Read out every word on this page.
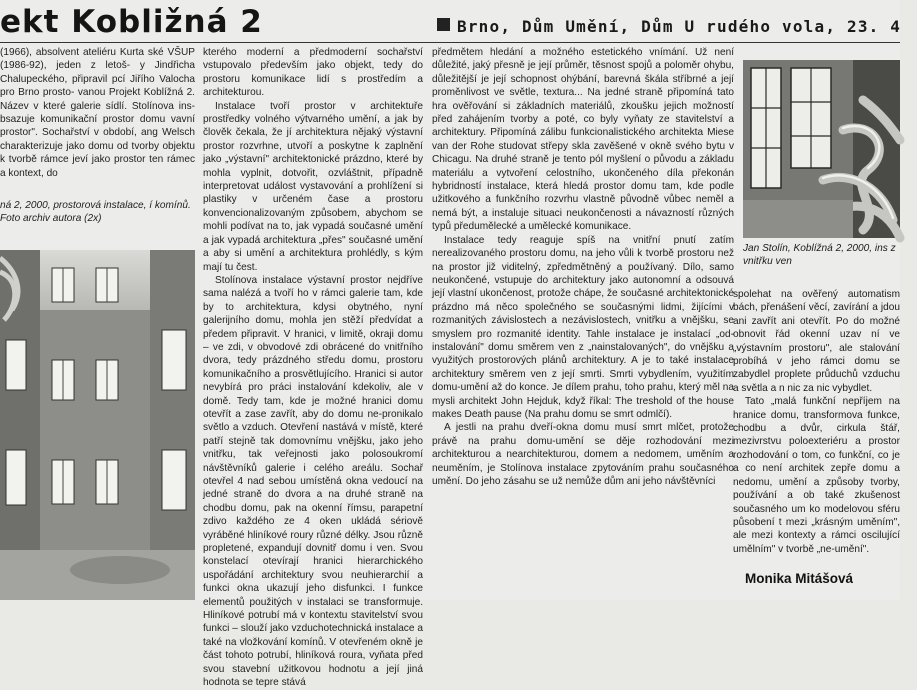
ekt Kobližná 2	Brno, Dům Umění, Dům U rudého vola, 23. 4

(1966), absolvent ateliéru Kurta ské VŠUP (1986-92), jeden z letoš- y Jindřicha Chalupeckého, připravil pcí Jiřího Valocha pro Brno prosto- vanou Projekt Koblížná 2. Název v které galerie sídlí. Stolínova ins- bsazuje komunikační prostor domu vavní prostor". Sochařství v období, ang Welsch charakterizuje jako domu od tvorby objektu k tvorbě rámce jeví jako prostor ten rámec a kontext, do

ná 2, 2000, prostorová instalace, í komínů. Foto archiv autora (2x)

kterého moderní a předmoderní sochařství vstupovalo především jako objekt, tedy do prostoru komunikace lidí s prostředím a architekturou.

Instalace tvoří prostor v architektuře prostředky volného výtvarného umění, a jak by člověk čekala, že jí architektura nějaký výstavní prostor rozvrhne, utvoří a poskytne k zaplnění jako „výstavní" architektonické prázdno, které by mohla vyplnit, dotvořit, ozvláštnit, případně interpretovat událost vystavování a prohlížení si plastiky v určeném čase a prostoru konvencionalizovaným způsobem, abychom se mohli podívat na to, jak vypadá současné umění a jak vypadá architektura „přes" současné umění a aby si umění a architektura prohlédly, s kým mají tu čest.

Stolínova instalace výstavní prostor nejdříve sama nalézá a tvoří ho v rámci galerie tam, kde by to architektura, kdysi obytného, nyní galerijního domu, mohla jen stěží předvídat a předem připravit. V hranici, v limitě, okraji domu – ve zdi, v obvodové zdi obrácené do vnitřního dvora, tedy prázdného středu domu, prostoru komunikačního a prosvětlujícího. Hranici si autor nevybírá pro práci instalování kdekoliv, ale v domě. Tedy tam, kde je možné hranici domu otevřít a zase zavřít, aby do domu ne-pronikalo světlo a vzduch. Otevření nastává v místě, které patří stejně tak domovnímu vnějšku, jako jeho vnitřku, tak veřejnosti jako polosoukromí návštěvníků galerie i celého areálu. Sochař otevřel 4 nad sebou umístěná okna vedoucí na jedné straně do dvora a na druhé straně na chodbu domu, pak na okenní římsu, parapetní zdivo každého ze 4 oken ukládá sériově vyráběné hliníkové roury různé délky. Jsou různě propletené, expandují dovnitř domu i ven. Svou konstelací otevírají hranici hierarchického uspořádání architektury svou neuhierarchií a funkci okna ukazují jeho disfunkci. I funkce elementů použitých v instalaci se transformuje. Hliníkové potrubí má v kontextu stavitelství svou funkci – slouží jako vzduchotechnická instalace a také na vložkování komínů. V otevřeném okně je část tohoto potrubí, hliníková roura, vyňata před svou stavební užitkovou hodnotu a její jiná hodnota se tepre stává

předmětem hledání a možného estetického vnímání. Už není důležité, jaký přesně je její průměr, těsnost spojů a poloměr ohybu, důležitější je její schopnost ohýbání, barevná škála stříbrné a její proměnlivost ve světle, textura... Na jedné straně připomíná tato hra ověřování si základních materiálů, zkoušku jejich možností před zahájením tvorby a poté, co byly vyňaty ze stavitelství a architektury. Připomíná zálibu funkcionalistického architekta Miese van der Rohe studovat střepy skla zavěšené v okně svého bytu v Chicagu. Na druhé straně je tento pól myšlení o původu a základu materiálu a vytvoření celostního, ukončeného díla překonán hybridností instalace, která hledá prostor domu tam, kde podle užitkového a funkčního rozvrhu vlastně původně vůbec neměl a nemá být, a instaluje situaci neukončenosti a návazností různých typů předumělecké a umělecké komunikace.

Instalace tedy reaguje spíš na vnitřní pnutí zatím nerealizovaného prostoru domu, na jeho vůli k tvorbě prostoru než na prostor již viditelný, zpředmětněný a používaný. Dílo, samo neukončené, vstupuje do architektury jako autonomní a odsouvá její vlastní ukončenost, protože chápe, že současné architektonické prázdno má něco společného se současnými lidmi, žijícími v rozmanitých závislostech a nezávislostech, vnitřku a vnějšku, se smyslem pro rozmanité identity. Tahle instalace je instalací „od-instalování" domu směrem ven z „nainstalovaných", do vnějšku a využitých prostorových plánů architektury. A je to také instalace architektury směrem ven z její smrti. Smrti vybydlením, využitím domu-umění až do konce. Je dílem prahu, toho prahu, který měl na mysli architekt John Hejduk, když říkal: The treshold of the house makes Death pause (Na prahu domu se smrt odmlčí).

A jestli na prahu dveří-okna domu musí smrt mlčet, protože právě na prahu domu-umění se děje rozhodování mezi architekturou a nearchitekturou, domem a nedomem, uměním a neuměním, je Stolínova instalace zpytováním prahu současného umění. Do jeho zásahu se už nemůže dům ani jeho návštěvníci

Jan Stolín, Koblížná 2, 2000, ins z vnitřku ven

spolehat na ověřený automatism bách, přenášení věcí, zavírání a jdou ani zavřít ani otevřít. Po do možné obnovit řád okenní uzav ní ve „výstavním prostoru", ale stalování probíhá v jeho rámci domu se zabydlel proplete průduchů vzduchu a světla a n nic za nic vybydlet.

Tato „malá funkční nepříjem na hranice domu, transformova funkce, chodbu a dvůr, cirkula štář, mezivrstvu poloexteriéru a prostor rozhodování o tom, co funkční, co je a co není architek zepře domu a nedomu, umění a způsoby tvorby, používání a ob také zkušenost současného um ko modelovou sféru působení t mezi „krásným uměním", ale mezi kontexty a rámci oscilující umělním" v tvorbě „ne-umění".

Monika Mitášová
